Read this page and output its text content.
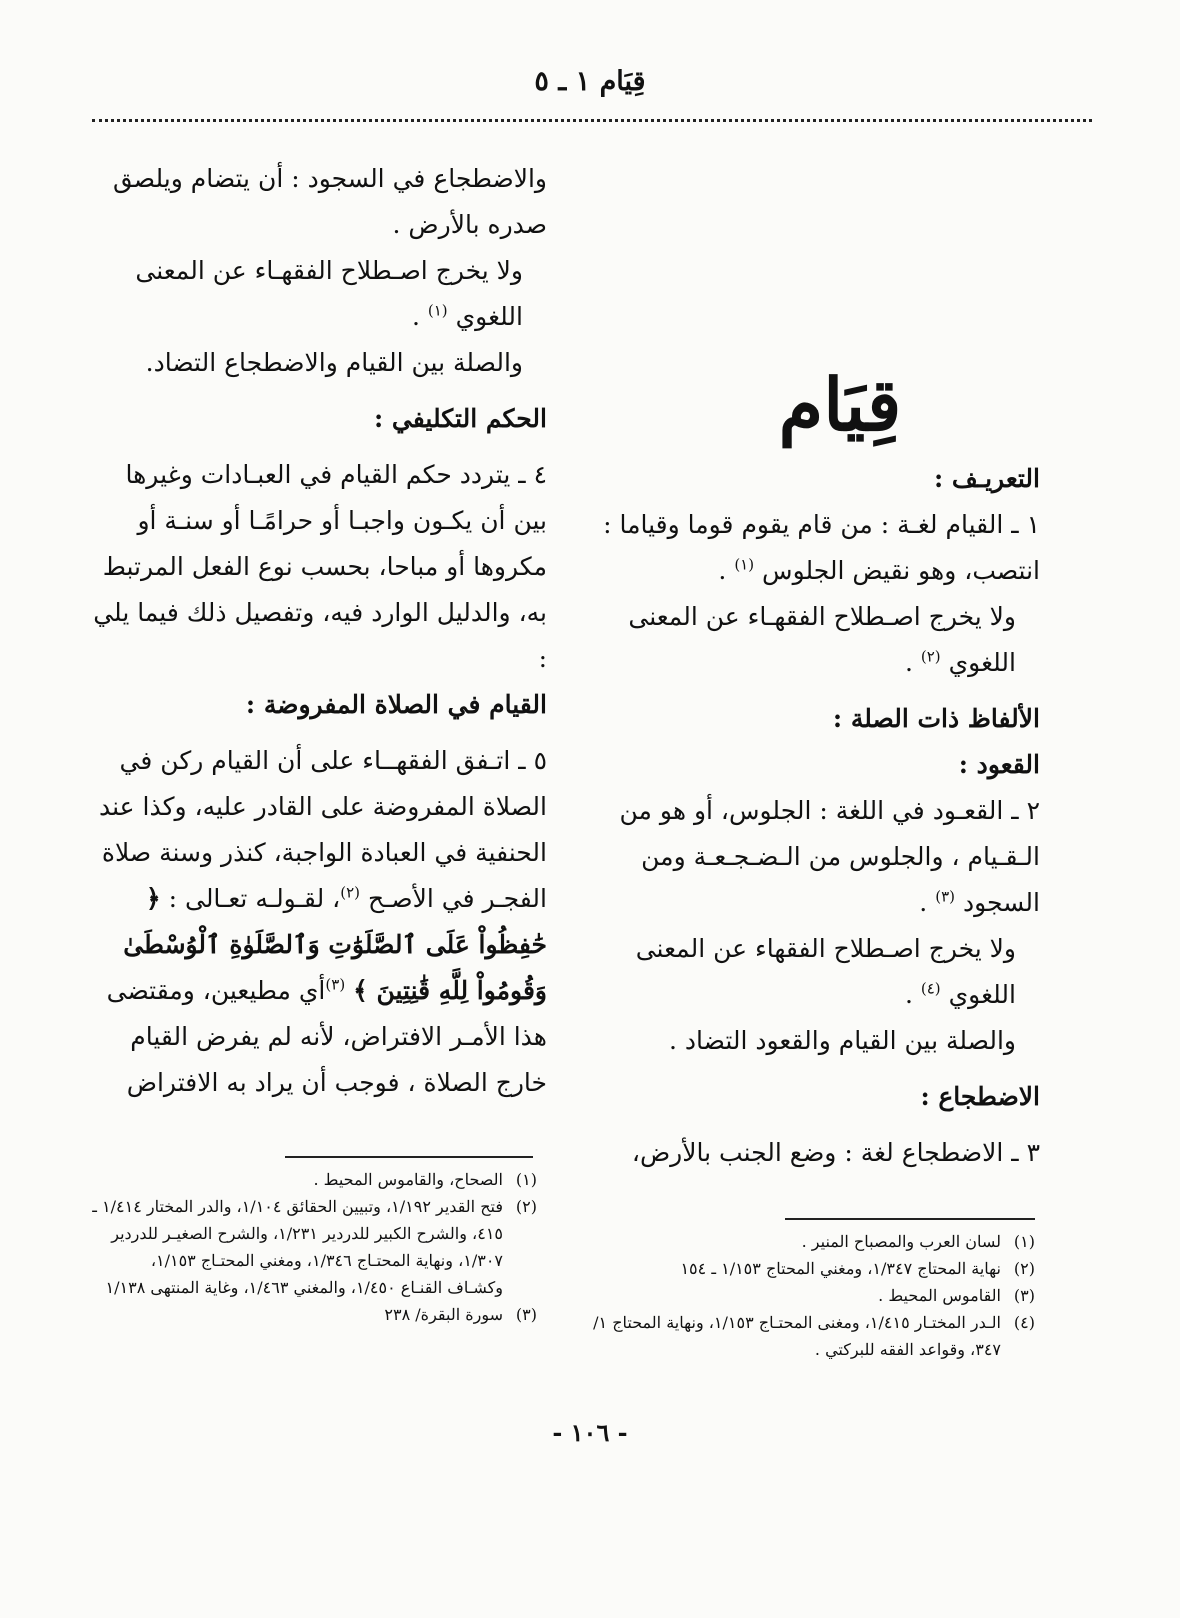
قِيَام ١ ـ ٥
قِيَام

التعريـف :

١ ـ القيام لغـة : من قام يقوم قوما وقياما : انتصب، وهو نقيض الجلوس $^{(١)}$ .

ولا يخرج اصـطلاح الفقهـاء عن المعنى اللغوي $^{(٢)}$ .

الألفاظ ذات الصلة :

القعود :

٢ ـ القعـود في اللغة : الجلوس، أو هو من الـقـيام ، والجلوس من الـضـجـعـة ومن السجود $^{(٣)}$ .

ولا يخرج اصـطلاح الفقهاء عن المعنى اللغوي $^{(٤)}$ .

والصلة بين القيام والقعود التضاد .

الاضطجاع :

٣ ـ الاضطجاع لغة : وضع الجنب بالأرض،

والاضطجاع في السجود : أن يتضام ويلصق صدره بالأرض .

ولا يخرج اصـطلاح الفقهـاء عن المعنى اللغوي $^{(١)}$ .

والصلة بين القيام والاضطجاع التضاد.

الحكم التكليفي :

٤ ـ يتردد حكم القيام في العبـادات وغيرها بين أن يكـون واجبـا أو حرامًـا أو سنـة أو مكروها أو مباحا، بحسب نوع الفعل المرتبط به، والدليل الوارد فيه، وتفصيل ذلك فيما يلي :

القيام في الصلاة المفروضة :

٥ ـ اتـفق الفقهــاء على أن القيام ركن في الصلاة المفروضة على القادر عليه، وكذا عند الحنفية في العبادة الواجبة، كنذر وسنة صلاة الفجـر في الأصـح $^{(٢)}$، لقـولـه تعـالى : ﴿ حَٰفِظُواْ عَلَى ٱلصَّلَوَٰتِ وَٱلصَّلَوٰةِ ٱلْوُسْطَىٰ وَقُومُواْ لِلَّهِ قَٰنِتِينَ ﴾ $^{(٣)}$أي مطيعين، ومقتضى هذا الأمـر الافتراض، لأنه لم يفرض القيام خارج الصلاة ، فوجب أن يراد به الافتراض

(١)
الصحاح، والقاموس المحيط .
(٢)
فتح القدير ١/١٩٢، وتبيين الحقائق ١/١٠٤، والدر المختار ١/٤١٤ ـ ٤١٥، والشرح الكبير للدردير ١/٢٣١، والشرح الصغيـر للدردير ١/٣٠٧، ونهاية المحتـاج ١/٣٤٦، ومغني المحتـاج ١/١٥٣، وكشـاف القنـاع ١/٤٥٠، والمغني ١/٤٦٣، وغاية المنتهى ١/١٣٨
(٣)
سورة البقرة/ ٢٣٨
(١)
لسان العرب والمصباح المنير .
(٢)
نهاية المحتاج ١/٣٤٧، ومغني المحتاج ١/١٥٣ ـ ١٥٤
(٣)
القاموس المحيط .
(٤)
الـدر المختـار ١/٤١٥، ومغنى المحتـاج ١/١٥٣، ونهاية المحتاج ١/ ٣٤٧، وقواعد الفقه للبركتي .
- ١٠٦ -
